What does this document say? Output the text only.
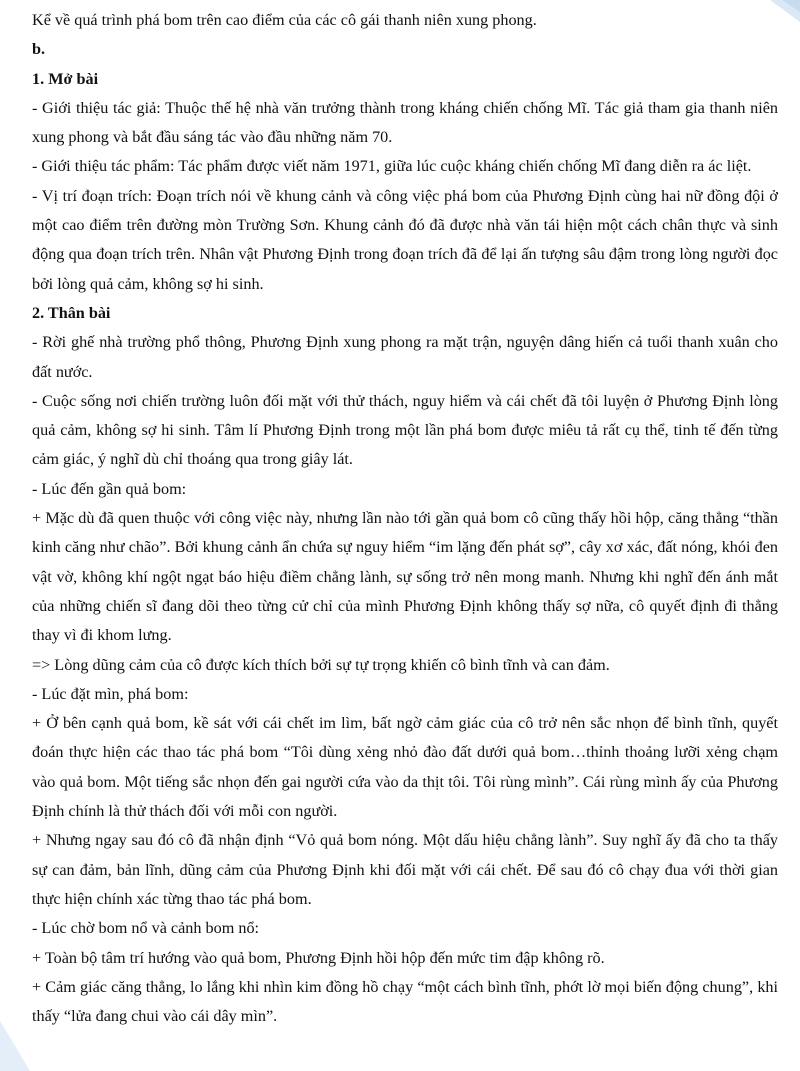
Kể về quá trình phá bom trên cao điểm của các cô gái thanh niên xung phong.

b.

1. Mở bài

- Giới thiệu tác giả: Thuộc thế hệ nhà văn trưởng thành trong kháng chiến chống Mĩ. Tác giả tham gia thanh niên xung phong và bắt đầu sáng tác vào đầu những năm 70.

- Giới thiệu tác phẩm: Tác phẩm được viết năm 1971, giữa lúc cuộc kháng chiến chống Mĩ đang diễn ra ác liệt.

- Vị trí đoạn trích: Đoạn trích nói về khung cảnh và công việc phá bom của Phương Định cùng hai nữ đồng đội ở một cao điểm trên đường mòn Trường Sơn. Khung cảnh đó đã được nhà văn tái hiện một cách chân thực và sinh động qua đoạn trích trên. Nhân vật Phương Định trong đoạn trích đã để lại ấn tượng sâu đậm trong lòng người đọc bởi lòng quả cảm, không sợ hi sinh.

2. Thân bài

- Rời ghế nhà trường phổ thông, Phương Định xung phong ra mặt trận, nguyện dâng hiến cả tuổi thanh xuân cho đất nước.

- Cuộc sống nơi chiến trường luôn đối mặt với thử thách, nguy hiểm và cái chết đã tôi luyện ở Phương Định lòng quả cảm, không sợ hi sinh. Tâm lí Phương Định trong một lần phá bom được miêu tả rất cụ thể, tinh tế đến từng cảm giác, ý nghĩ dù chỉ thoáng qua trong giây lát.

- Lúc đến gần quả bom:

+ Mặc dù đã quen thuộc với công việc này, nhưng lần nào tới gần quả bom cô cũng thấy hồi hộp, căng thẳng “thần kinh căng như chão”. Bởi khung cảnh ẩn chứa sự nguy hiểm “im lặng đến phát sợ”, cây xơ xác, đất nóng, khói đen vật vờ, không khí ngột ngạt báo hiệu điềm chẳng lành, sự sống trở nên mong manh. Nhưng khi nghĩ đến ánh mắt của những chiến sĩ đang dõi theo từng cử chỉ của mình Phương Định không thấy sợ nữa, cô quyết định đi thẳng thay vì đi khom lưng.

=> Lòng dũng cảm của cô được kích thích bởi sự tự trọng khiến cô bình tĩnh và can đảm.

- Lúc đặt mìn, phá bom:

+ Ở bên cạnh quả bom, kề sát với cái chết im lìm, bất ngờ cảm giác của cô trở nên sắc nhọn để bình tĩnh, quyết đoán thực hiện các thao tác phá bom “Tôi dùng xẻng nhỏ đào đất dưới quả bom…thỉnh thoảng lưỡi xẻng chạm vào quả bom. Một tiếng sắc nhọn đến gai người cứa vào da thịt tôi. Tôi rùng mình”. Cái rùng mình ấy của Phương Định chính là thử thách đối với mỗi con người.

+ Nhưng ngay sau đó cô đã nhận định “Vỏ quả bom nóng. Một dấu hiệu chẳng lành”. Suy nghĩ ấy đã cho ta thấy sự can đảm, bản lĩnh, dũng cảm của Phương Định khi đối mặt với cái chết. Để sau đó cô chạy đua với thời gian thực hiện chính xác từng thao tác phá bom.

- Lúc chờ bom nổ và cảnh bom nổ:

+ Toàn bộ tâm trí hướng vào quả bom, Phương Định hồi hộp đến mức tim đập không rõ.

+ Cảm giác căng thẳng, lo lắng khi nhìn kim đồng hồ chạy “một cách bình tĩnh, phớt lờ mọi biến động chung”, khi thấy “lửa đang chui vào cái dây mìn”.
